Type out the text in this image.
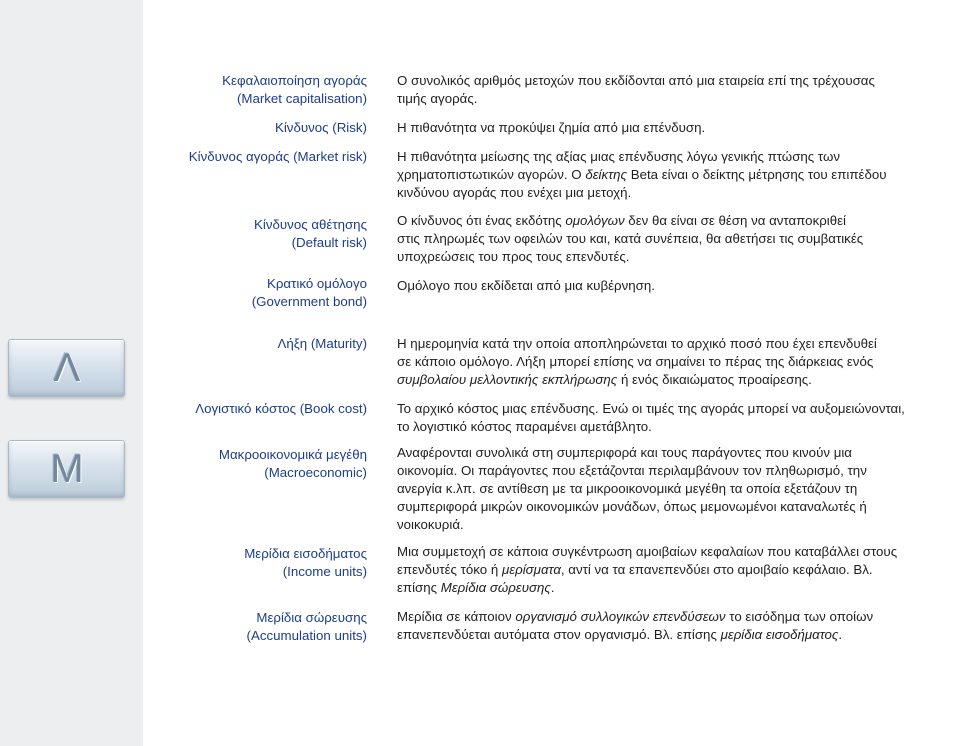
Λ
Μ
Κεφαλαιοποίηση αγοράς
(Market capitalisation)
Ο συνολικός αριθμός μετοχών που εκδίδονται από μια εταιρεία επί της τρέχουσας
τιμής αγοράς.
Κίνδυνος (Risk) Η πιθανότητα να προκύψει ζημία από μια επένδυση.
Κίνδυνος αγοράς (Market risk) Η πιθανότητα μείωσης της αξίας μιας επένδυσης λόγω γενικής πτώσης των
χρηματοπιστωτικών αγορών. Ο δείκτης Beta είναι ο δείκτης μέτρησης του επιπέδου
κινδύνου αγοράς που ενέχει μια μετοχή.
Κίνδυνος αθέτησης
(Default risk)
Ο κίνδυνος ότι ένας εκδότης ομολόγων δεν θα είναι σε θέση να ανταποκριθεί
στις πληρωμές των οφειλών του και, κατά συνέπεια, θα αθετήσει τις συμβατικές
υποχρεώσεις του προς τους επενδυτές.
Κρατικό ομόλογο
(Government bond)
Ομόλογο που εκδίδεται από μια κυβέρνηση.
Λήξη (Maturity) Η ημερομηνία κατά την οποία αποπληρώνεται το αρχικό ποσό που έχει επενδυθεί
σε κάποιο ομόλογο. Λήξη μπορεί επίσης να σημαίνει το πέρας της διάρκειας ενός
συμβολαίου μελλοντικής εκπλήρωσης ή ενός δικαιώματος προαίρεσης.
Λογιστικό κόστος (Book cost) Το αρχικό κόστος μιας επένδυσης. Ενώ οι τιμές της αγοράς μπορεί να αυξομειώνονται,
το λογιστικό κόστος παραμένει αμετάβλητο.
Μακροοικονομικά μεγέθη
(Macroeconomic)
Αναφέρονται συνολικά στη συμπεριφορά και τους παράγοντες που κινούν μια
οικονομία. Οι παράγοντες που εξετάζονται περιλαμβάνουν τον πληθωρισμό, την
ανεργία κ.λπ. σε αντίθεση με τα μικροοικονομικά μεγέθη τα οποία εξετάζουν τη
συμπεριφορά μικρών οικονομικών μονάδων, όπως μεμονωμένοι καταναλωτές ή
νοικοκυριά.
Μερίδια εισοδήματος
(Income units)
Μια συμμετοχή σε κάποια συγκέντρωση αμοιβαίων κεφαλαίων που καταβάλλει στους
επενδυτές τόκο ή μερίσματα, αντί να τα επανεπενδύει στο αμοιβαίο κεφάλαιο. Βλ.
επίσης Μερίδια σώρευσης.
Μερίδια σώρευσης
(Accumulation units)
Μερίδια σε κάποιον οργανισμό συλλογικών επενδύσεων το εισόδημα των οποίων
επανεπενδύεται αυτόματα στον οργανισμό. Βλ. επίσης μερίδια εισοδήματος.
